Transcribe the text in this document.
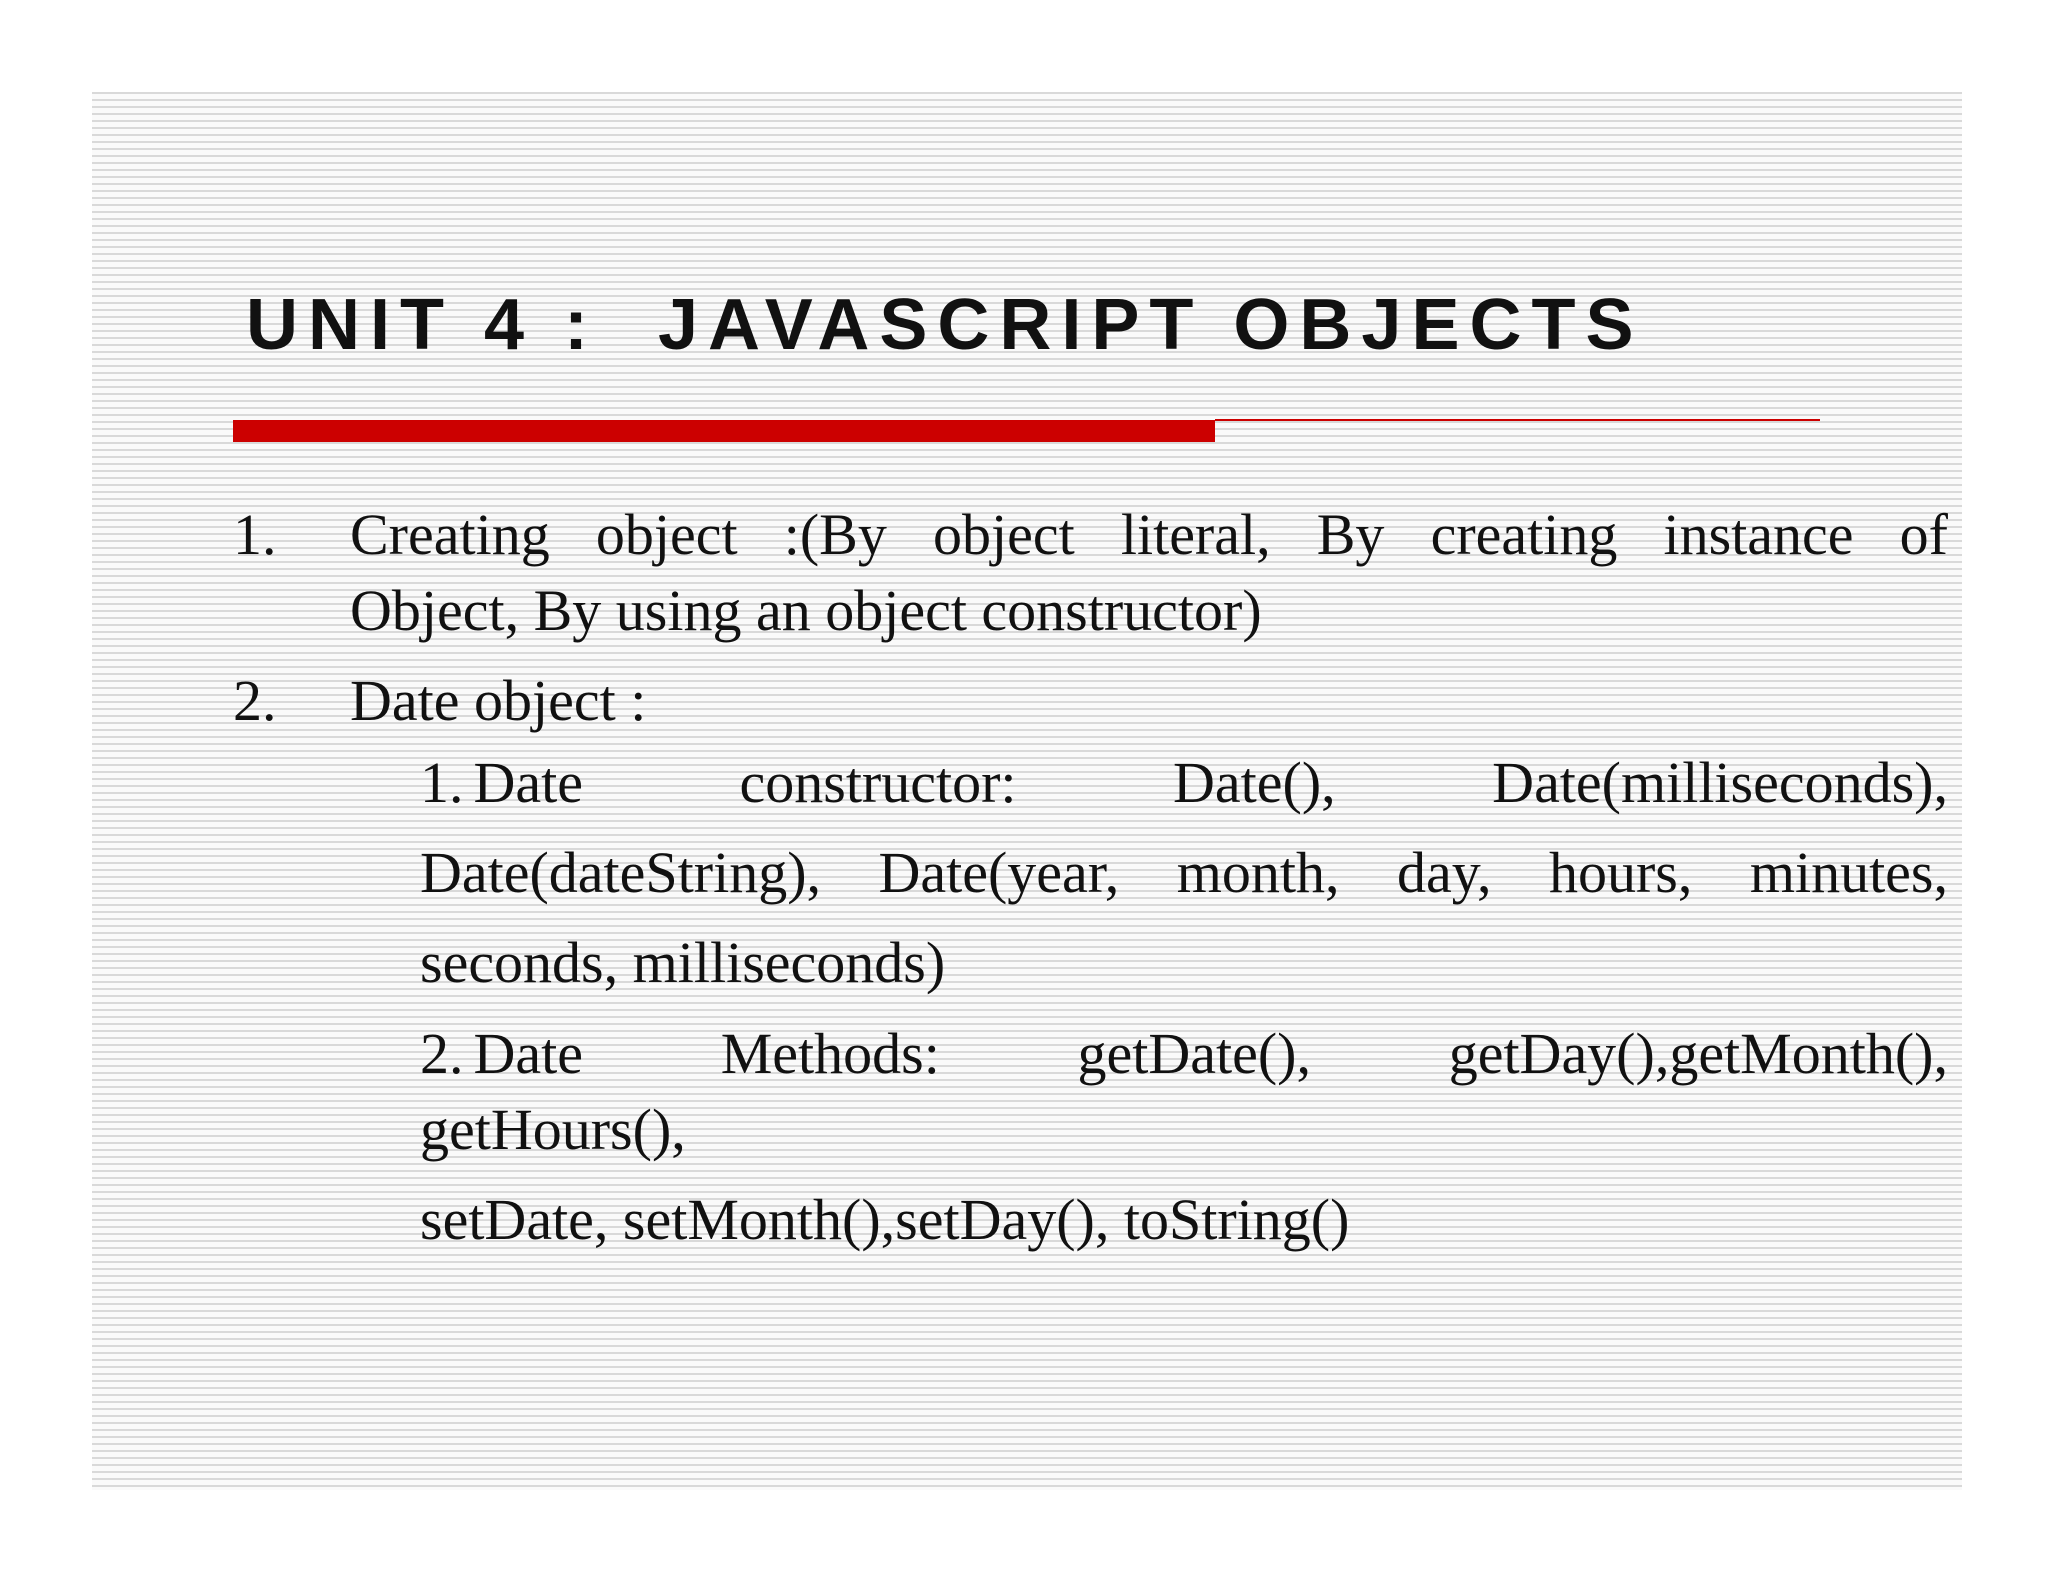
UNIT 4 :  JAVASCRIPT OBJECTS
1. Creating object :(By object literal, By creating instance of
Object, By using an object constructor)
2. Date object :
1. Date constructor: Date(), Date(milliseconds),
Date(dateString), Date(year, month, day, hours, minutes,
seconds, milliseconds)
2. Date Methods: getDate(), getDay(),getMonth(),
getHours(),
setDate, setMonth(),setDay(), toString()
